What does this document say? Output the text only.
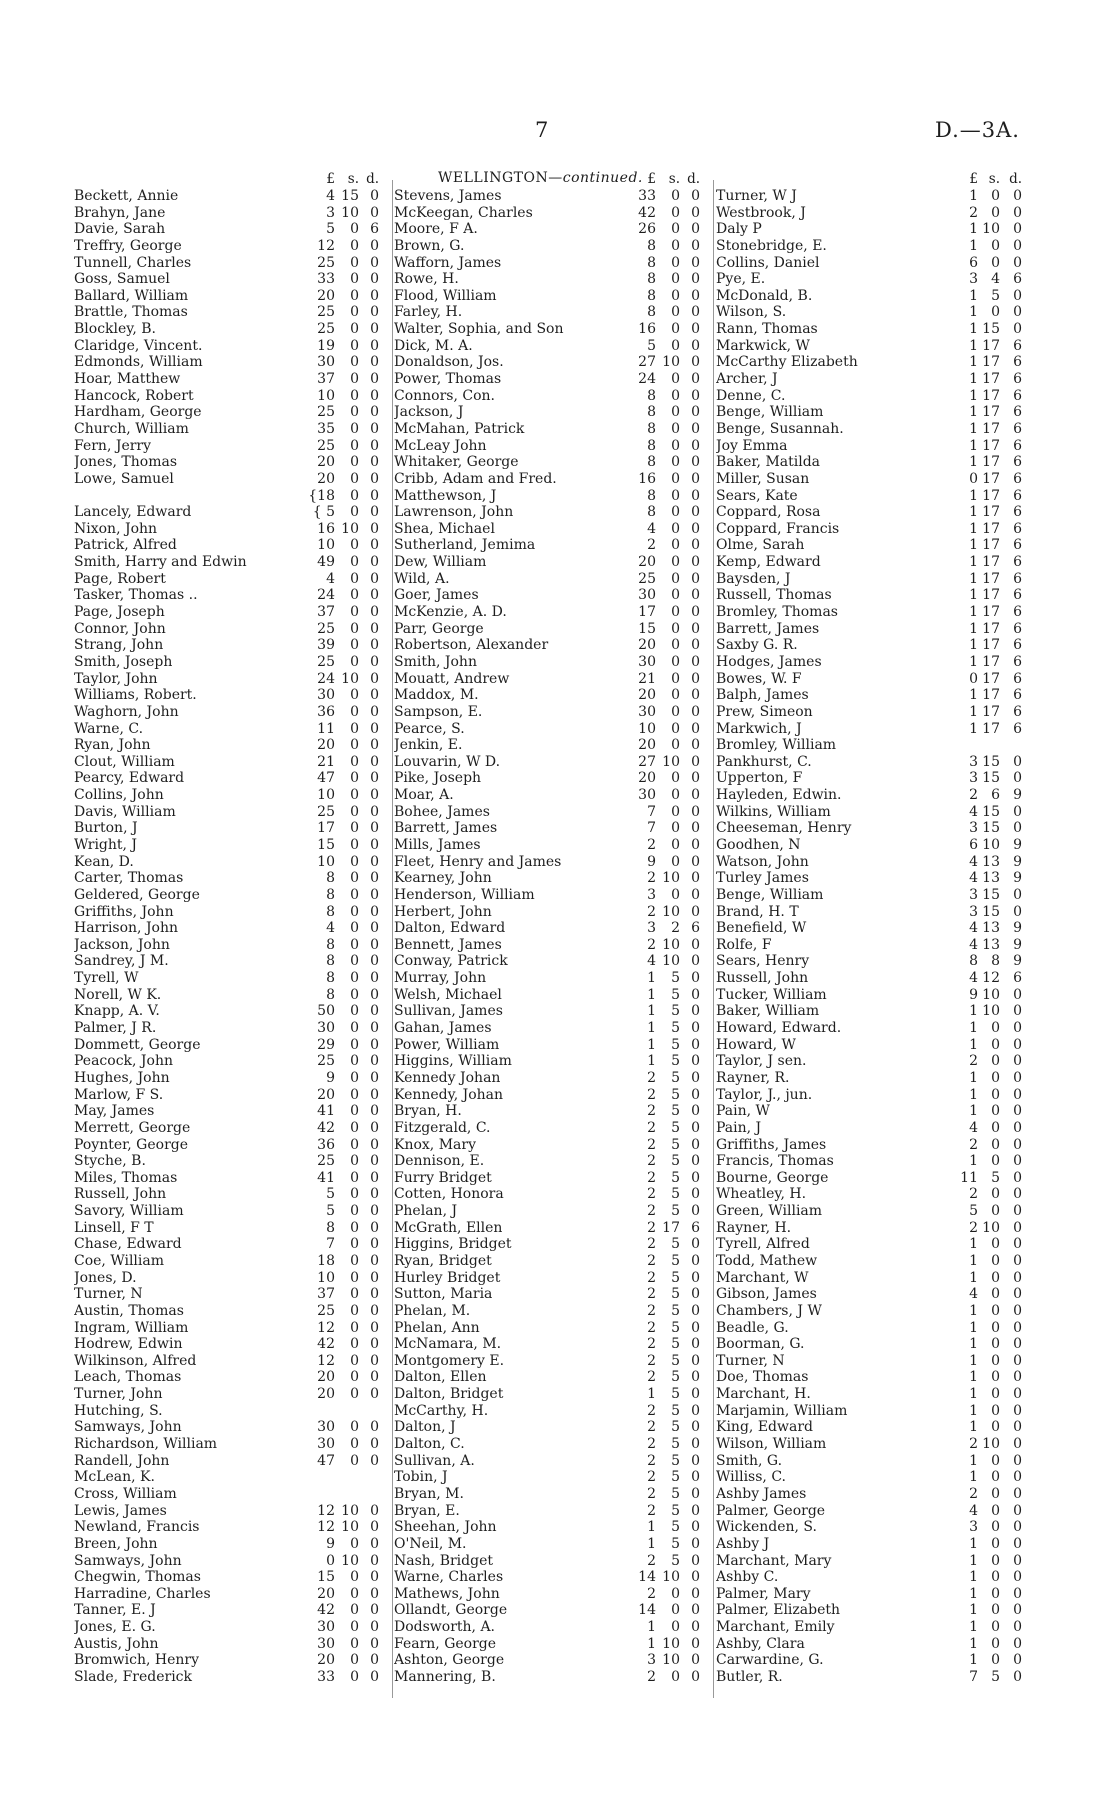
7	D.—3A.
WELLINGTON—continued.
£ s. d.
Beckett, Annie	4 15 0
Brahyn, Jane	3 10 0
Davie, Sarah	5	0 6
Treffry, George	12	0 0
Tunnell, Charles	25	0 0
Goss, Samuel	33	0 0
Ballard, William	20	0 0
Brattle, Thomas	25	0 0
Blockley, B.	25	0 0
Claridge, Vincent.	19	0 0
Edmonds, William	30	0 0
Hoar, Matthew	37	0 0
Hancock, Robert	10	0 0
Hardham, George	25	0 0
Church, William	35	0 0
Fern, Jerry	25	0 0
Jones, Thomas	20	0 0
Lowe, Samuel	20	0 0
{18	0 0
Lancely, Edward	{ 5	0 0
Nixon, John	16 10 0
Patrick, Alfred	10	0 0
Smith, Harry and Edwin	49	0 0
Page, Robert	4	0 0
Tasker, Thomas ..	24	0 0
Page, Joseph	37	0 0
Connor, John	25	0 0
Strang, John	39	0 0
Smith, Joseph	25	0 0
Taylor, John	24 10 0
Williams, Robert.	30	0 0
Waghorn, John	36	0 0
Warne, C.	11	0 0
Ryan, John	20	0 0
Clout, William	21	0 0
Pearcy, Edward	47	0 0
Collins, John	10	0 0
Davis, William	25	0 0
Burton, J	17	0 0
Wright, J	15	0 0
Kean, D.	10	0 0
Carter, Thomas	8	0 0
Geldered, George	8	0 0
Griffiths, John	8	0 0
Harrison, John	4	0 0
Jackson, John	8	0 0
Sandrey, J M.	8	0 0
Tyrell, W	8	0 0
Norell, W K.	8	0 0
Knapp, A. V.	50	0 0
Palmer, J R.	30	0 0
Dommett, George	29	0 0
Peacock, John	25	0 0
Hughes, John	9	0 0
Marlow, F S.	20	0 0
May, James	41	0 0
Merrett, George	42	0 0
Poynter, George	36	0 0
Styche, B.	25	0 0
Miles, Thomas	41	0 0
Russell, John	5	0 0
Savory, William	5	0 0
Linsell, F T	8	0 0
Chase, Edward	7	0 0
Coe, William	18	0 0
Jones, D.	10	0 0
Turner, N	37	0 0
Austin, Thomas	25	0 0
Ingram, William	12	0 0
Hodrew, Edwin	42	0 0
Wilkinson, Alfred	12	0 0
Leach, Thomas	20	0 0
Turner, John	20	0 0
Hutching, S.
Samways, John	30	0 0
Richardson, William	30	0 0
Randell, John	47	0 0
McLean, K.
Cross, William
Lewis, James	12 10 0
Newland, Francis	12 10 0
Breen, John	9	0 0
Samways, John	0 10 0
Chegwin, Thomas	15	0 0
Harradine, Charles	20	0 0
Tanner, E. J	42	0 0
Jones, E. G.	30	0 0
Austis, John	30	0 0
Bromwich, Henry	20	0 0
Slade, Frederick	33	0 0
£ s. d.
Stevens, James	33	0 0
McKeegan, Charles	42	0 0
Moore, F A.	26	0 0
Brown, G.	8	0 0
Wafforn, James	8	0 0
Rowe, H.	8	0 0
Flood, William	8	0 0
Farley, H.	8	0 0
Walter, Sophia, and Son	16	0 0
Dick, M. A.	5	0 0
Donaldson, Jos.	27 10 0
Power, Thomas	24	0 0
Connors, Con.	8	0 0
Jackson, J	8	0 0
McMahan, Patrick	8	0 0
McLeay John	8	0 0
Whitaker, George	8	0 0
Cribb, Adam and Fred.	16	0 0
Matthewson, J	8	0 0
Lawrenson, John	8	0 0
Shea, Michael	4	0 0
Sutherland, Jemima	2	0 0
Dew, William	20	0 0
Wild, A.	25	0 0
Goer, James	30	0 0
McKenzie, A. D.	17	0 0
Parr, George	15	0 0
Robertson, Alexander	20	0 0
Smith, John	30	0 0
Mouatt, Andrew	21	0 0
Maddox, M.	20	0 0
Sampson, E.	30	0 0
Pearce, S.	10	0 0
Jenkin, E.	20	0 0
Louvarin, W D.	27 10 0
Pike, Joseph	20	0 0
Moar, A.	30	0 0
Bohee, James	7	0 0
Barrett, James	7	0 0
Mills, James	2	0 0
Fleet, Henry and James	9	0 0
Kearney, John	2 10 0
Henderson, William	3	0 0
Herbert, John	2 10 0
Dalton, Edward	3	2 6
Bennett, James	2 10 0
Conway, Patrick	4 10 0
Murray, John	1	5 0
Welsh, Michael	1	5 0
Sullivan, James	1	5 0
Gahan, James	1	5 0
Power, William	1	5 0
Higgins, William	1	5 0
Kennedy Johan	2	5 0
Kennedy, Johan	2	5 0
Bryan, H.	2	5 0
Fitzgerald, C.	2	5 0
Knox, Mary	2	5 0
Dennison, E.	2	5 0
Furry Bridget	2	5 0
Cotten, Honora	2	5 0
Phelan, J	2	5 0
McGrath, Ellen	2 17 6
Higgins, Bridget	2	5 0
Ryan, Bridget	2	5 0
Hurley Bridget	2	5 0
Sutton, Maria	2	5 0
Phelan, M.	2	5 0
Phelan, Ann	2	5 0
McNamara, M.	2	5 0
Montgomery E.	2	5 0
Dalton, Ellen	2	5 0
Dalton, Bridget	1	5 0
McCarthy, H.	2	5 0
Dalton, J	2	5 0
Dalton, C.	2	5 0
Sullivan, A.	2	5 0
Tobin, J	2	5 0
Bryan, M.	2	5 0
Bryan, E.	2	5 0
Sheehan, John	1	5 0
O'Neil, M.	1	5 0
Nash, Bridget	2	5 0
Warne, Charles	14 10 0
Mathews, John	2	0 0
Ollandt, George	14	0 0
Dodsworth, A.	1	0 0
Fearn, George	1 10 0
Ashton, George	3 10 0
Mannering, B.	2	0 0
£ s. d.
Turner, W J	1 0 0
Westbrook, J	2 0 0
Daly P	1 10 0
Stonebridge, E.	1 0 0
Collins, Daniel	6 0 0
Pye, E.	3 4 6
McDonald, B.	1 5 0
Wilson, S.	1 0 0
Rann, Thomas	1 15 0
Markwick, W	1 17 6
McCarthy Elizabeth	1 17 6
Archer, J	1 17 6
Denne, C.	1 17 6
Benge, William	1 17 6
Benge, Susannah.	1 17 6
Joy Emma	1 17 6
Baker, Matilda	1 17 6
Miller, Susan	0 17 6
Sears, Kate	1 17 6
Coppard, Rosa	1 17 6
Coppard, Francis	1 17 6
Olme, Sarah	1 17 6
Kemp, Edward	1 17 6
Baysden, J	1 17 6
Russell, Thomas	1 17 6
Bromley, Thomas	1 17 6
Barrett, James	1 17 6
Saxby G. R.	1 17 6
Hodges, James	1 17 6
Bowes, W. F	0 17 6
Balph, James	1 17 6
Prew, Simeon	1 17 6
Markwich, J	1 17 6
Bromley, William
Pankhurst, C.	3 15 0
Upperton, F	3 15 0
Hayleden, Edwin.	2 6 9
Wilkins, William	4 15 0
Cheeseman, Henry	3 15 0
Goodhen, N	6 10 9
Watson, John	4 13 9
Turley James	4 13 9
Benge, William	3 15 0
Brand, H. T	3 15 0
Benefield, W	4 13 9
Rolfe, F	4 13 9
Sears, Henry	8 8 9
Russell, John	4 12 6
Tucker, William	9 10 0
Baker, William	1 10 0
Howard, Edward.	1 0 0
Howard, W	1 0 0
Taylor, J sen.	2 0 0
Rayner, R.	1 0 0
Taylor, J., jun.	1 0 0
Pain, W	1 0 0
Pain, J	4 0 0
Griffiths, James	2 0 0
Francis, Thomas	1 0 0
Bourne, George	11 5 0
Wheatley, H.	2 0 0
Green, William	5 0 0
Rayner, H.	2 10 0
Tyrell, Alfred	1 0 0
Todd, Mathew	1 0 0
Marchant, W	1 0 0
Gibson, James	4 0 0
Chambers, J W	1 0 0
Beadle, G.	1 0 0
Boorman, G.	1 0 0
Turner, N	1 0 0
Doe, Thomas	1 0 0
Marchant, H.	1 0 0
Marjamin, William	1 0 0
King, Edward	1 0 0
Wilson, William	2 10 0
Smith, G.	1 0 0
Williss, C.	1 0 0
Ashby James	2 0 0
Palmer, George	4 0 0
Wickenden, S.	3 0 0
Ashby J	1 0 0
Marchant, Mary	1 0 0
Ashby C.	1 0 0
Palmer, Mary	1 0 0
Palmer, Elizabeth	1 0 0
Marchant, Emily	1 0 0
Ashby, Clara	1 0 0
Carwardine, G.	1 0 0
Butler, R.	7 5 0
